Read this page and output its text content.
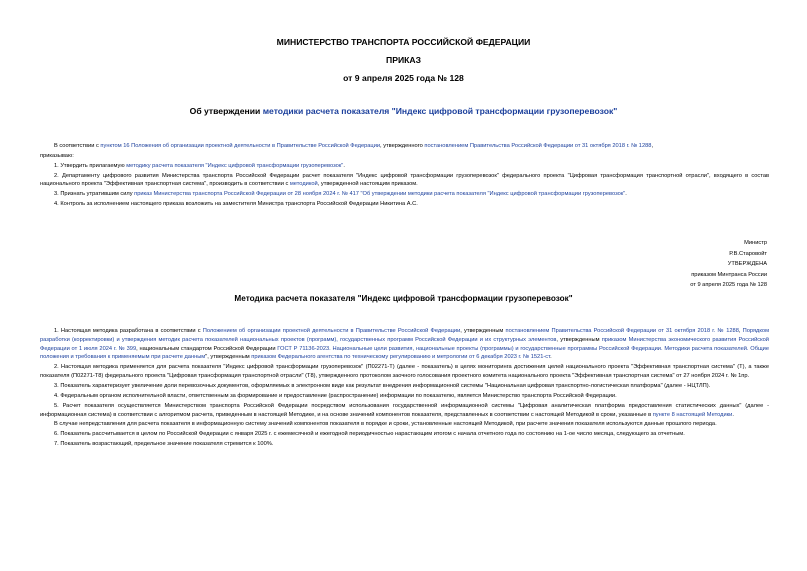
МИНИСТЕРСТВО ТРАНСПОРТА РОССИЙСКОЙ ФЕДЕРАЦИИ
ПРИКАЗ
от 9 апреля 2025 года № 128
Об утверждении методики расчета показателя "Индекс цифровой трансформации грузоперевозок"

В соответствии с пунктом 16 Положения об организации проектной деятельности в Правительстве Российской Федерации, утвержденного постановлением Правительства Российской Федерации от 31 октября 2018 г. № 1288,

приказываю:

1. Утвердить прилагаемую методику расчета показателя "Индекс цифровой трансформации грузоперевозок".

2. Департаменту цифрового развития Министерства транспорта Российской Федерации расчет показателя "Индекс цифровой трансформации грузоперевозок" федерального проекта "Цифровая трансформация транспортной отрасли", входящего в состав национального проекта "Эффективная транспортная система", производить в соответствии с методикой, утвержденной настоящим приказом.

3. Признать утратившим силу приказ Министерства транспорта Российской Федерации от 28 ноября 2024 г. № 417 "Об утверждении методики расчета показателя "Индекс цифровой трансформации грузоперевозок".

4. Контроль за исполнением настоящего приказа возложить на заместителя Министра транспорта Российской Федерации Никитина А.С.

Министр
Р.В.Старовойт
УТВЕРЖДЕНА
приказом Минтранса России
от 9 апреля 2025 года № 128
Методика расчета показателя "Индекс цифровой трансформации грузоперевозок"

1. Настоящая методика разработана в соответствии с Положением об организации проектной деятельности в Правительстве Российской Федерации, утвержденным постановлением Правительства Российской Федерации от 31 октября 2018 г. № 1288, Порядком разработки (корректировки) и утверждения методик расчета показателей национальных проектов (программ), государственных программ Российской Федерации и их структурных элементов, утвержденным приказом Министерства экономического развития Российской Федерации от 1 июля 2024 г. № 399, национальным стандартом Российской Федерации ГОСТ Р 71136-2023. Национальные цели развития, национальные проекты (программы) и государственные программы Российской Федерации. Методики расчета показателей. Общие положения и требования к применяемым при расчете данным", утвержденным приказом Федерального агентства по техническому регулированию и метрологии от 6 декабря 2023 г. № 1521-ст.

2. Настоящая методика применяется для расчета показателя "Индекс цифровой трансформации грузоперевозок" (П02271-Т) (далее - показатель) в целях мониторинга достижения целей национального проекта "Эффективная транспортная система" (Т), а также показателя (П02271-Т8) федерального проекта "Цифровая трансформация транспортной отрасли" (Т8), утвержденного протоколом заочного голосования проектного комитета национального проекта "Эффективная транспортная система" от 27 ноября 2024 г. № 1пр.

3. Показатель характеризует увеличение доли перевозочных документов, оформляемых в электронном виде как результат внедрения информационной системы "Национальная цифровая транспортно-логистическая платформа" (далее - НЦТЛП).

4. Федеральным органом исполнительной власти, ответственным за формирование и предоставление (распространение) информации по показателю, является Министерство транспорта Российской Федерации.

5. Расчет показателя осуществляется Министерством транспорта Российской Федерации посредством использования государственной информационной системы "Цифровая аналитическая платформа предоставления статистических данных" (далее - информационная система) в соответствии с алгоритмом расчета, приведенным в настоящей Методике, и на основе значений компонентов показателя, представленных в соответствии с настоящей Методикой в сроки, указанные в пункте 8 настоящей Методики.

В случае непредставления для расчета показателя в информационную систему значений компонентов показателя в порядке и сроки, установленные настоящей Методикой, при расчете значения показателя используются данные прошлого периода.

6. Показатель рассчитывается в целом по Российской Федерации с января 2025 г. с ежемесячной и ежегодной периодичностью нарастающим итогом с начала отчетного года по состоянию на 1-ое число месяца, следующего за отчетным.

7. Показатель возрастающий, предельное значение показателя стремится к 100%.
